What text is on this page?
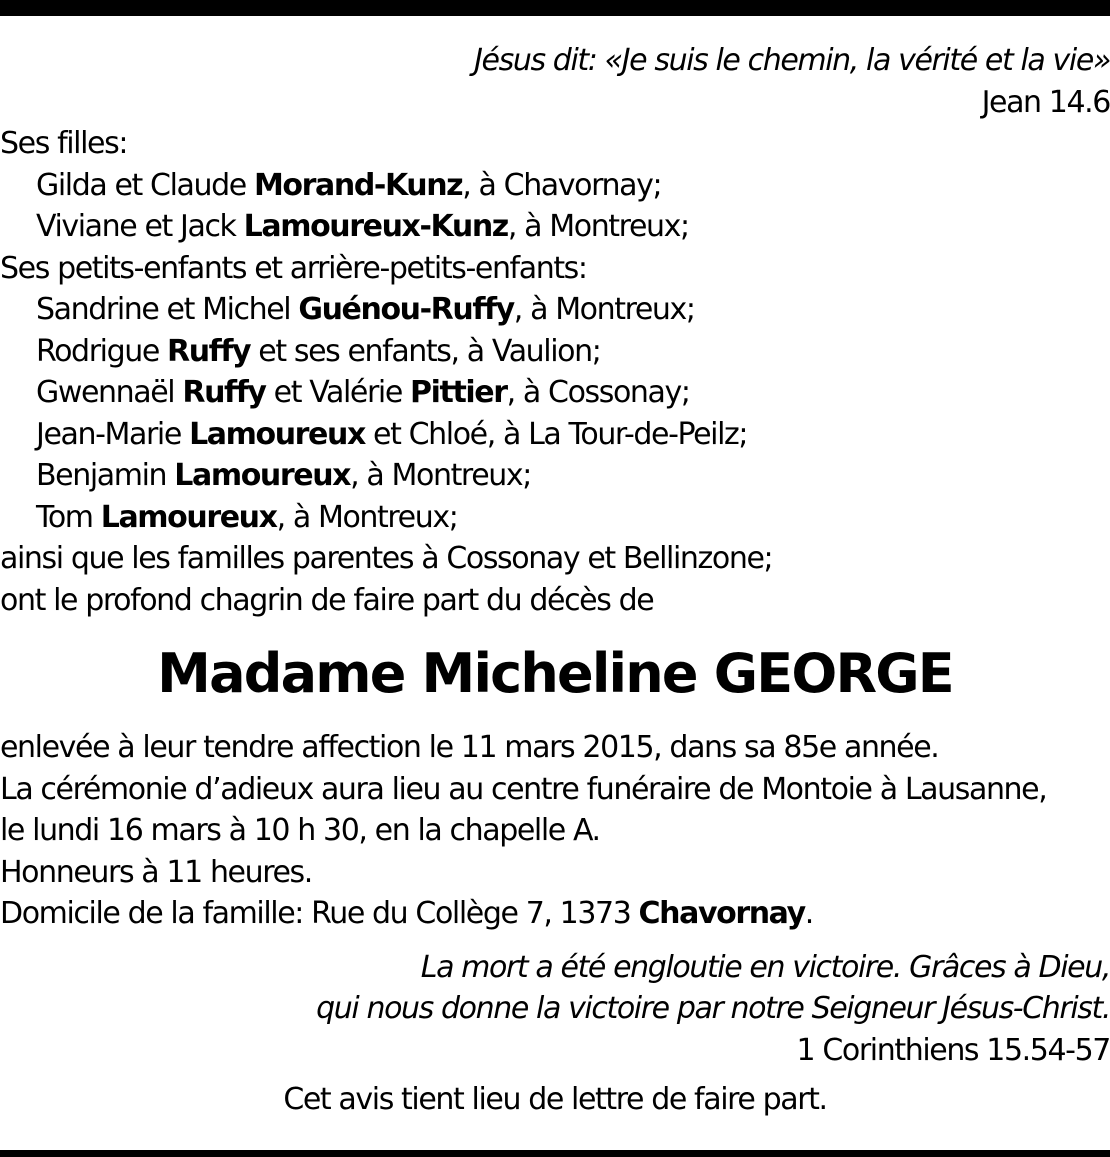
Jésus dit: «Je suis le chemin, la vérité et la vie»
Jean 14.6
Ses filles:
Gilda et Claude Morand-Kunz, à Chavornay;
Viviane et Jack Lamoureux-Kunz, à Montreux;
Ses petits-enfants et arrière-petits-enfants:
Sandrine et Michel Guénou-Ruffy, à Montreux;
Rodrigue Ruffy et ses enfants, à Vaulion;
Gwennaël Ruffy et Valérie Pittier, à Cossonay;
Jean-Marie Lamoureux et Chloé, à La Tour-de-Peilz;
Benjamin Lamoureux, à Montreux;
Tom Lamoureux, à Montreux;
ainsi que les familles parentes à Cossonay et Bellinzone;
ont le profond chagrin de faire part du décès de
Madame Micheline GEORGE
enlevée à leur tendre affection le 11 mars 2015, dans sa 85e année.
La cérémonie d’adieux aura lieu au centre funéraire de Montoie à Lausanne,
le lundi 16 mars à 10 h 30, en la chapelle A.
Honneurs à 11 heures.
Domicile de la famille: Rue du Collège 7, 1373 Chavornay.
La mort a été engloutie en victoire. Grâces à Dieu,
qui nous donne la victoire par notre Seigneur Jésus-Christ.
1 Corinthiens 15.54-57
Cet avis tient lieu de lettre de faire part.
